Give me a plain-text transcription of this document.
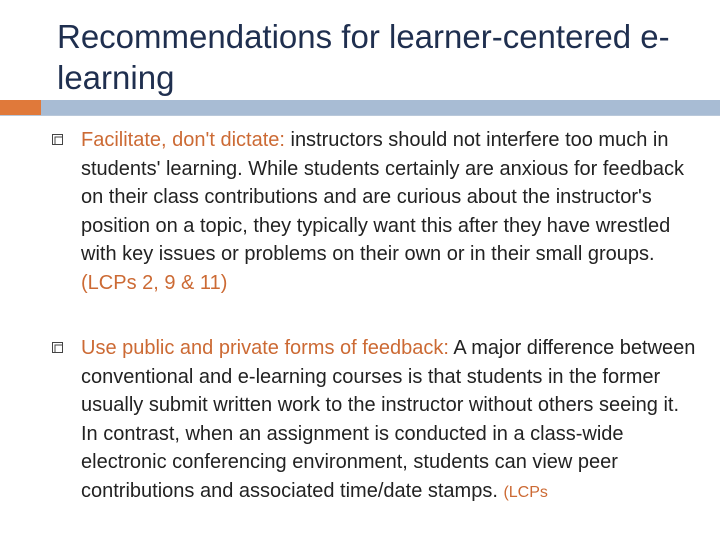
Recommendations for learner-centered e-learning
Facilitate, don't dictate: instructors should not interfere too much in students' learning. While students certainly are anxious for feedback on their class contributions and are curious about the instructor's position on a topic, they typically want this after they have wrestled with key issues or problems on their own or in their small groups. (LCPs 2, 9 & 11)
Use public and private forms of feedback: A major difference between conventional and e-learning courses is that students in the former usually submit written work to the instructor without others seeing it. In contrast, when an assignment is conducted in a class-wide electronic conferencing environment, students can view peer contributions and associated time/date stamps. (LCPs
